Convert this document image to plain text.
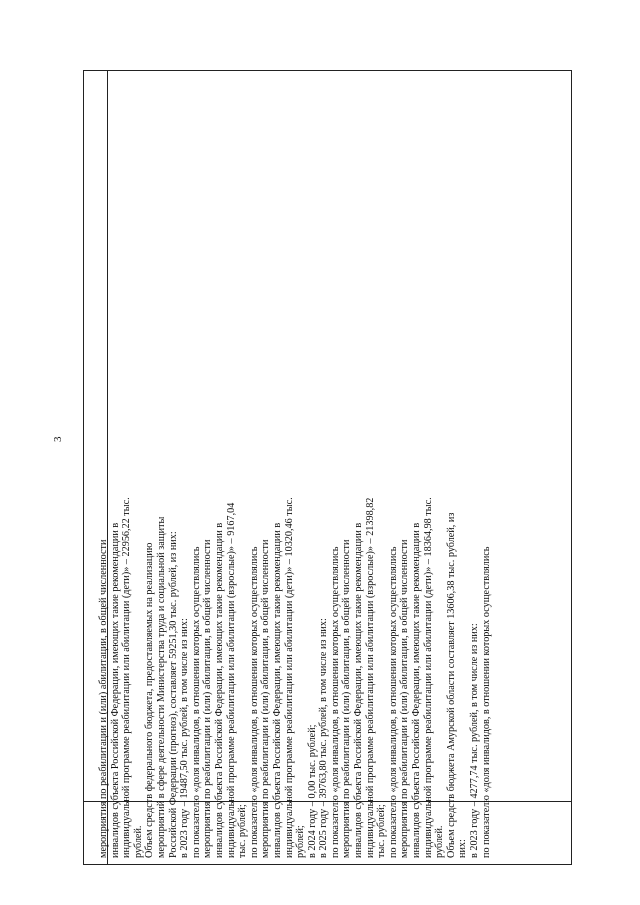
3
мероприятия по реабилитации и (или) абилитации, в общей численности инвалидов субъекта Российской Федерации, имеющих такие рекомендации в индивидуальной программе реабилитации или абилитации (дети)» – 22956,22 тыс. рублей. Объем средств федерального бюджета, предоставляемых на реализацию мероприятий в сфере деятельности Министерства труда и социальной защиты Российской Федерации (прогноз), составляет 59251,30 тыс. рублей, из них: в 2023 году – 19487,50 тыс. рублей, в том числе из них: по показателю «доля инвалидов, в отношении которых осуществлялись мероприятия по реабилитации и (или) абилитации, в общей численности инвалидов субъекта Российской Федерации, имеющих такие рекомендации в индивидуальной программе реабилитации или абилитации (взрослые)» – 9167,04 тыс. рублей; по показателю «доля инвалидов, в отношении которых осуществлялись мероприятия по реабилитации и (или) абилитации, в общей численности инвалидов субъекта Российской Федерации, имеющих такие рекомендации в индивидуальной программе реабилитации или абилитации (дети)» – 10320,46 тыс. рублей; в 2024 году – 0,00 тыс. рублей; в 2025 году – 39763,80 тыс. рублей, в том числе из них: по показателю «доля инвалидов, в отношении которых осуществлялись мероприятия по реабилитации и (или) абилитации, в общей численности инвалидов субъекта Российской Федерации, имеющих такие рекомендации в индивидуальной программе реабилитации или абилитации (взрослые)» – 21398,82 тыс. рублей; по показателю «доля инвалидов, в отношении которых осуществлялись мероприятия по реабилитации и (или) абилитации, в общей численности инвалидов субъекта Российской Федерации, имеющих такие рекомендации в индивидуальной программе реабилитации или абилитации (дети)» – 18364,98 тыс. рублей. Объем средств бюджета Амурской области составляет 13606,38 тыс. рублей, из них: в 2023 году – 4277,74 тыс. рублей, в том числе из них: по показателю «доля инвалидов, в отношении которых осуществлялись
